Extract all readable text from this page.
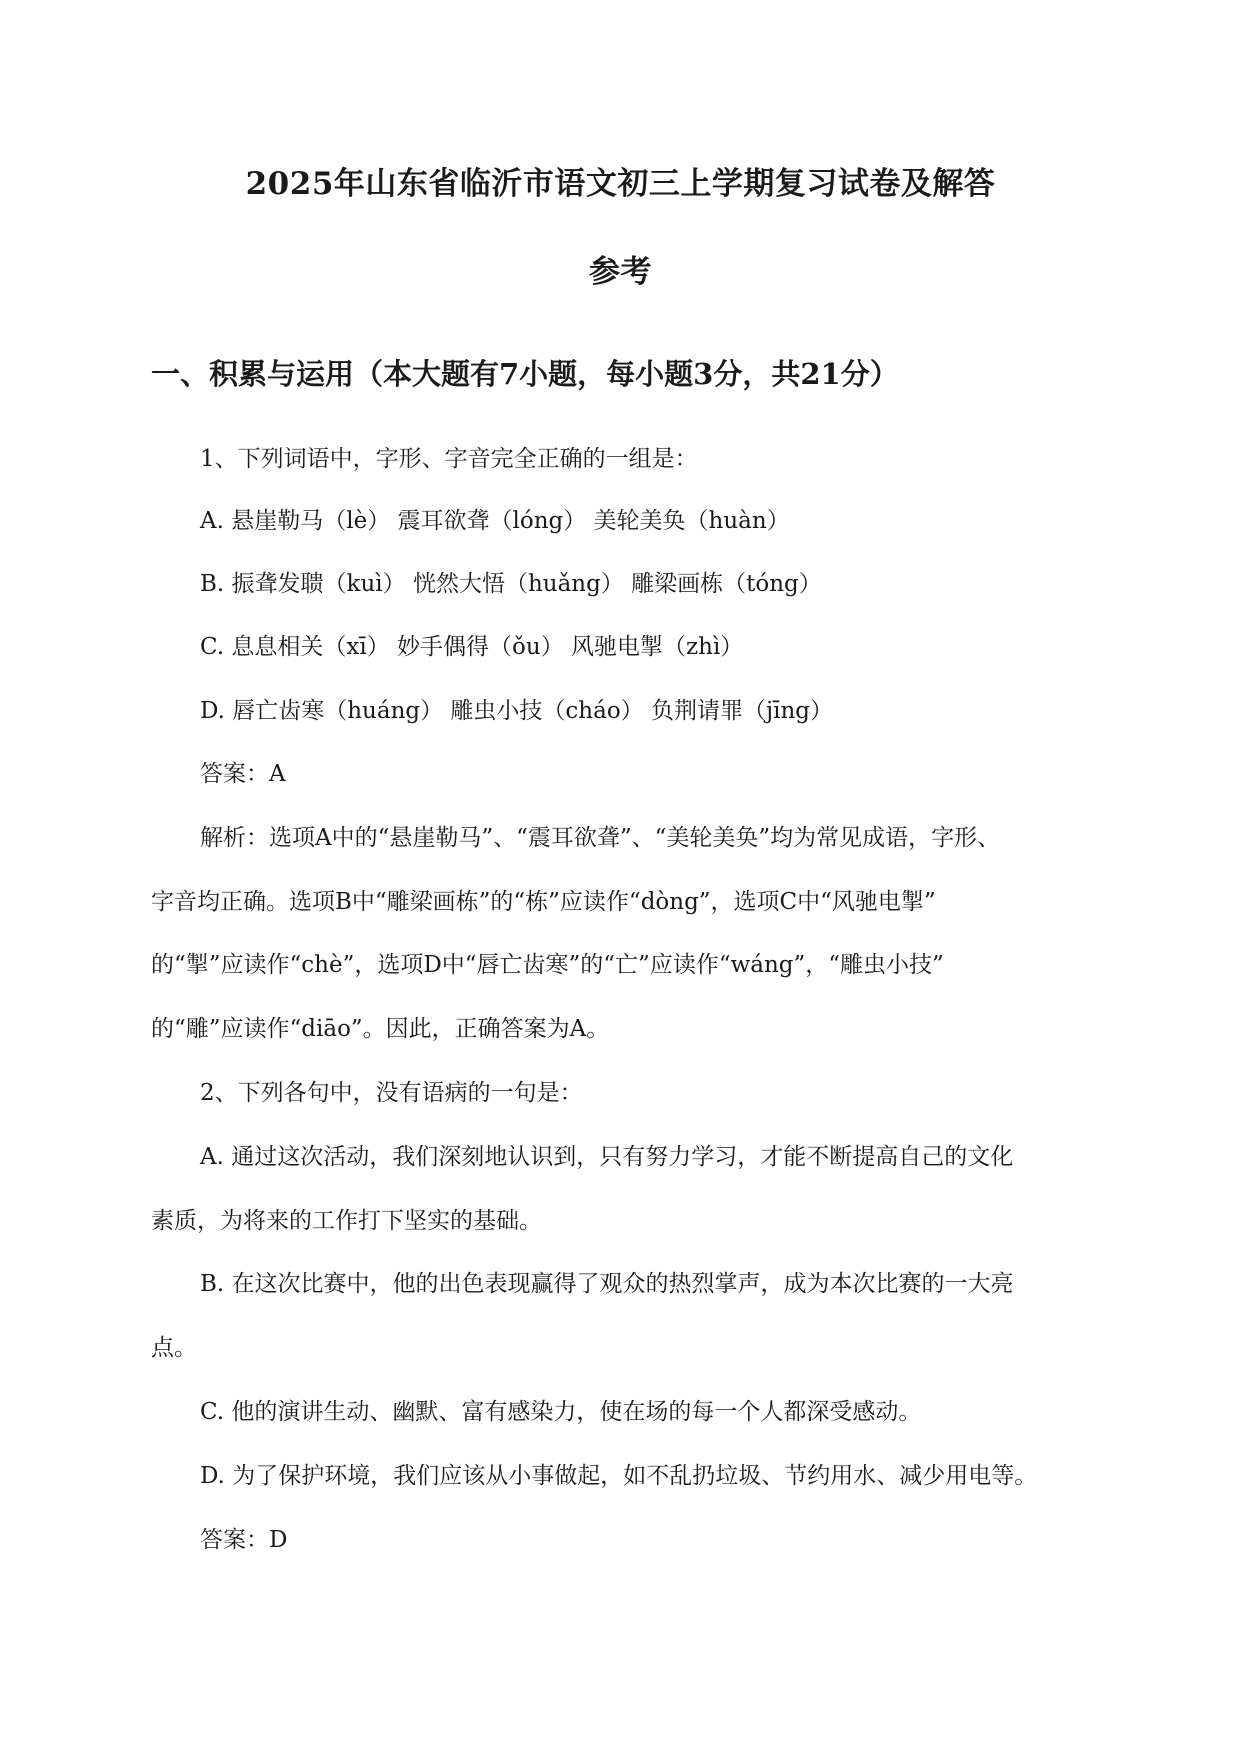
2025年山东省临沂市语文初三上学期复习试卷及解答
参考
一、积累与运用（本大题有7小题，每小题3分，共21分）

1、下列词语中，字形、字音完全正确的一组是：

A. 悬崖勒马（lè） 震耳欲聋（lóng） 美轮美奂（huàn）

B. 振聋发聩（kuì） 恍然大悟（huǎng） 雕梁画栋（tóng）

C. 息息相关（xī） 妙手偶得（ǒu） 风驰电掣（zhì）

D. 唇亡齿寒（huáng） 雕虫小技（cháo） 负荆请罪（jīng）

答案：A

解析：选项A中的“悬崖勒马”、“震耳欲聋”、“美轮美奂”均为常见成语，字形、

字音均正确。选项B中“雕梁画栋”的“栋”应读作“dòng”，选项C中“风驰电掣”

的“掣”应读作“chè”，选项D中“唇亡齿寒”的“亡”应读作“wáng”，“雕虫小技”

的“雕”应读作“diāo”。因此，正确答案为A。

2、下列各句中，没有语病的一句是：

A. 通过这次活动，我们深刻地认识到，只有努力学习，才能不断提高自己的文化

素质，为将来的工作打下坚实的基础。

B. 在这次比赛中，他的出色表现赢得了观众的热烈掌声，成为本次比赛的一大亮

点。

C. 他的演讲生动、幽默、富有感染力，使在场的每一个人都深受感动。

D. 为了保护环境，我们应该从小事做起，如不乱扔垃圾、节约用水、减少用电等。

答案：D
